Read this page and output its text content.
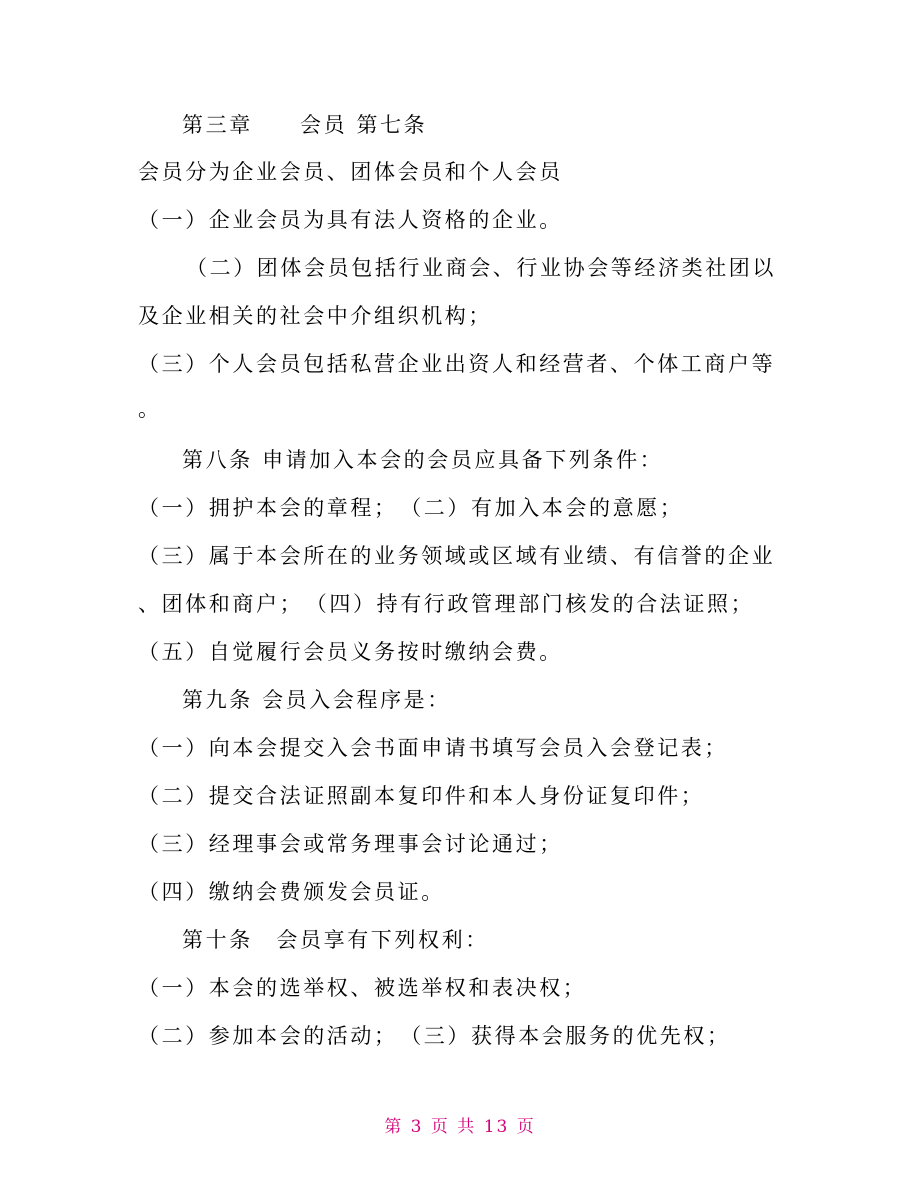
第三章　　会员 第七条
会员分为企业会员、团体会员和个人会员
（一）企业会员为具有法人资格的企业。
（二）团体会员包括行业商会、行业协会等经济类社团以
及企业相关的社会中介组织机构；
（三）个人会员包括私营企业出资人和经营者、个体工商户等
。
第八条 申请加入本会的会员应具备下列条件：
（一）拥护本会的章程；　（二）有加入本会的意愿；
（三）属于本会所在的业务领域或区域有业绩、有信誉的企业
、团体和商户；　（四）持有行政管理部门核发的合法证照；
（五）自觉履行会员义务按时缴纳会费。
第九条 会员入会程序是：
（一）向本会提交入会书面申请书填写会员入会登记表；
（二）提交合法证照副本复印件和本人身份证复印件；
（三）经理事会或常务理事会讨论通过；
（四）缴纳会费颁发会员证。
第十条　会员享有下列权利：
（一）本会的选举权、被选举权和表决权；
（二）参加本会的活动；　（三）获得本会服务的优先权；
第 3 页 共 13 页
